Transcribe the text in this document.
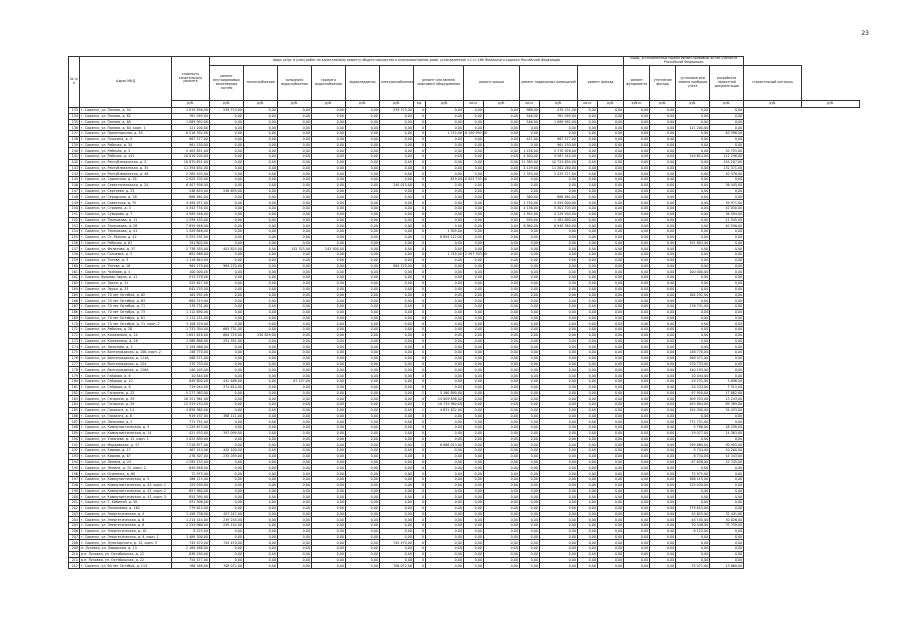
23
№ п/п	Адрес МКД	стоимость капитального ремонта	виды услуг и (или) работ по капитальному ремонту общего имущества в многоквартирном доме, установленные ч.1 ст.166 Жилищного кодекса Российской Федерации														Виды, установленные нормативным правовым актом субъекта Российской Федерации					
			ремонт внутридомовых инженерных систем	теплоснабжения	холодного водоснабжения	горячего водоснабжения	водоотведения	электроснабжения	ремонт или замена лифтового оборудования		ремонт крыши		ремонт подвальных помещений		ремонт фасада		ремонт фундамента	утепление фасада	установка или замена приборов учета	разработка проектной документации	строительный контроль	
		руб.	руб.	руб.	руб.	руб.	руб.	руб.	ед.	руб.	кв.м.	руб.	кв.м.	руб.	кв.м.	руб.	куб.м.	руб.	руб.	руб.	руб.	руб.
133	г. Саранск, ул. Попова, д. 54	1 019 836,00	239 723,00	0,00	0,00	0,00	0,00	239 723,00	0	0,00	0,00	0,00	968,00	470 131,00	0,00	0,00	0,00	0,00	0,00	0,00		
134	г. Саранск, ул. Попова, д. 62	761 595,00	0,00	0,00	0,00	0,00	0,00	0,00	0	0,00	0,00	0,00	546,00	761 595,00	0,00	0,00	0,00	0,00	0,00	0,00		
135	г. Саранск, ул. Попова, д. 60	1 089 992,00	0,00	0,00	0,00	0,00	0,00	0,00	0	0,00	0,00	0,00	546,00	1 089 992,00	0,00	0,00	0,00	0,00	0,00	0,00		
136	г. Саранск, ул. Попова, д. 64, корп. 1	121 200,00	0,00	0,00	0,00	0,00	0,00	0,00	0	0,00	0,00	0,00	0,00	0,00	0,00	0,00	0,00	0,00	121 200,00	0,00		
137	г. Саранск, ул. Пролетарская, д. 83	6 516 392,00	0,00	0,00	0,00	0,00	0,00	0,00	0	1 745,00	6 150 993,00	0,00	0,00	0,00	0,00	0,00	0,00	0,00	0,00	63 396,00		
138	г. Саранск, ул. Пушкина, д. 4	967 577,00	0,00	0,00	0,00	0,00	0,00	0,00	0	0,00	0,00	0,00	421,00	967 577,00	0,00	0,00	0,00	0,00	0,00	0,00		
139	г. Саранск, ул. Рабочая, д. 34	961 150,00	0,00	0,00	0,00	0,00	0,00	0,00	0	0,00	0,00	0,00	0,00	961 150,00	0,00	0,00	0,00	0,00	0,00	0,00		
140	г. Саранск, ул. Рабочая, д. 3	5 403 651,00	0,00	0,00	0,00	0,00	0,00	0,00	0	0,00	0,00	0,00	1 228,00	5 370 926,00	0,00	0,00	0,00	0,00	0,00	32 725,00		
141	г. Саранск, ул. Рабочая, д. 141	10 016 205,00	0,00	0,00	0,00	0,00	0,00	0,00	0	0,00	0,00	0,00	4 500,00	9 587 345,00	0,00	0,00	0,00	0,00	319 614,00	111 296,00		
142	г. Саранск, ул. Республиканская, д. 3	10 870 851,00	0,00	0,00	0,00	0,00	0,00	0,00	0	0,00	0,00	0,00	11 385,00	10 725 634,00	0,00	0,00	0,00	0,00	0,00	145 207,00		
143	г. Саранск, ул. Республиканская, д. 35	11 394 631,00	0,00	0,00	0,00	0,00	0,00	0,00	0	0,00	0,00	0,00	4 129,00	11 262 260,00	0,00	0,00	0,00	0,00	0,00	132 371,00		
144	г. Саранск, ул. Республиканская, д. 48	2 265 103,00	0,00	0,00	0,00	0,00	0,00	0,00	0	0,00	0,00	0,00	2 355,00	2 225 727,00	0,00	0,00	0,00	0,00	0,00	40 376,00		
145	г. Саранск, ул. Саранская, д. 1Б	2 025 703,00	0,00	0,00	0,00	0,00	0,00	0,00	0	819,00	2 025 703,00	0,00	0,00	0,00	0,00	0,00	0,00	0,00	0,00	0,00		
146	г. Саранск, ул. Севастопольская, д. 24	6 407 936,00	0,00	0,00	0,00	0,00	0,00	240 015,00	0	0,00	0,00	0,00	0,00	0,00	0,00	0,00	0,00	0,00	0,00	36 445,00		
147	г. Саранск, ул. Сергеева, д. 23	246 659,00	246 659,00	0,00	0,00	0,00	0,00	0,00	0	0,00	0,00	0,00	0,00	0,00	0,00	0,00	0,00	0,00	0,00	0,00		
148	г. Саранск, ул. Серадская, д. 28	806 462,00	0,00	0,00	0,00	0,00	0,00	0,00	0	0,00	0,00	0,00	360,00	806 462,00	0,00	0,00	0,00	0,00	0,00	0,00		
149	г. Саранск, ул. Советская, д. 75	4 494 971,00	0,00	0,00	0,00	0,00	0,00	0,00	0	0,00	0,00	0,00	1 750,00	4 455 000,00	0,00	0,00	0,00	0,00	0,00	39 971,00		
150	г. Саранск, ул. Строина, д. 3	5 343 735,00	0,00	0,00	0,00	0,00	0,00	0,00	0	0,00	0,00	0,00	4 156,00	5 301 705,00	0,00	0,00	0,00	0,00	0,00	42 030,00		
151	г. Саранск, ул. Суворова, д. 7	4 999 446,00	0,00	0,00	0,00	0,00	0,00	0,00	0	0,00	0,00	0,00	2 954,00	4 129 504,00	0,00	0,00	0,00	0,00	0,00	36 594,00		
152	г. Саранск, ул. Терешкова, д. 11	1 299 435,00	0,00	0,00	0,00	0,00	0,00	0,00	0	0,00	0,00	0,00	930,00	1 181 890,00	0,00	0,00	0,00	0,00	0,00	11 545,00		
153	г. Саранск, ул. Терешкова, д. 28	7 659 946,00	0,00	0,00	0,00	0,00	0,00	0,00	0	0,00	0,00	0,00	6 960,00	6 949 384,00	0,00	0,00	0,00	0,00	0,00	40 556,00		
154	г. Саранск, ул. Терешкова, д. 41	1 429 846,00	0,00	0,00	0,00	0,00	0,00	0,00	0	1 305,00	0,00	0,00	0,00	0,00	0,00	0,00	0,00	0,00	0,00	0,00		
155	г. Саранск, ул. Ст. Разина, д. 42	5 323 191,00	0,00	0,00	0,00	0,00	0,00	0,00	1	6 894 122,00	0,00	0,00	0,00	0,00	0,00	0,00	0,00	0,00	0,00	0,00		
156	г. Саранск, ул. Рабочая, д. 61	191 803,00	0,00	0,00	0,00	0,00	0,00	0,00	0	0,00	0,00	0,00	0,00	0,00	0,00	0,00	0,00	0,00	191 803,00	0,00		
157	г. Саранск, ул. Филатова, д. 37	2 738 185,00	401 825,00	0,00	152 325,00	243 500,00	0,00	0,00	0	0,00	0,00	0,00	0,00	0,00	0,00	0,00	0,00	0,00	0,00	0,00		
158	г. Саранск, ул. Грачевка, д. 3	881 968,00	0,00	0,00	0,00	0,00	0,00	0,00	0	1 745,00	2 497 303,00	0,00	0,00	0,00	0,00	0,00	0,00	0,00	0,00	0,00		
159	г. Саранск, ул. Титова, д. 3	1 118 644,00	0,00	0,00	0,00	0,00	0,00	0,00	0	0,00	0,00	0,00	0,00	0,00	0,00	0,00	0,00	0,00	0,00	0,00		
160	г. Саранск, ул. Титова, д. 16	964 270,00	964 270,00	0,00	0,00	0,00	0,00	964 270,00	0	0,00	0,00	0,00	0,00	0,00	0,00	0,00	0,00	0,00	0,00	0,00		
161	г. Саранск, ул. Чкалова, д. 4	100 000,00	0,00	0,00	0,00	0,00	0,00	0,00	0	0,00	0,00	0,00	0,00	0,00	0,00	0,00	0,00	0,00	100 000,00	0,00		
162	г. Саранск, бульвар Эрьзи, д. 11	913 278,00	0,00	0,00	0,00	0,00	0,00	0,00	0	0,00	0,00	0,00	0,00	0,00	0,00	0,00	0,00	0,00	0,00	0,00		
163	г. Саранск, ул. Эрьзи, д. 31	425 627,00	0,00	0,00	0,00	0,00	0,00	0,00	0	0,00	0,00	0,00	0,00	0,00	0,00	0,00	0,00	0,00	0,00	0,00		
164	г. Саранск, ул. Эрьзи, д. 33	842 233,00	0,00	0,00	0,00	0,00	0,00	0,00	0	0,00	0,00	0,00	0,00	0,00	0,00	0,00	0,00	0,00	0,00	0,00		
165	г. Саранск, ул. 70 лет Октября, д. 62	164 292,00	0,00	0,00	0,00	0,00	0,00	0,00	0	0,00	0,00	0,00	0,00	0,00	0,00	0,00	0,00	0,00	164 292,00	0,00		
166	г. Саранск, ул. 70 лет Октября, д. 63	884 319,00	0,00	0,00	0,00	0,00	0,00	0,00	0	0,00	0,00	0,00	0,00	0,00	0,00	0,00	0,00	0,00	0,00	0,00		
167	г. Саранск, ул. 70 лет Октября, д. 71	176 731,00	0,00	0,00	0,00	0,00	0,00	0,00	0	0,00	0,00	0,00	0,00	0,00	0,00	0,00	0,00	0,00	176 731,00	0,00		
168	г. Саранск, ул. 70 лет Октября, д. 73	1 112 690,00	0,00	0,00	0,00	0,00	0,00	0,00	0	0,00	0,00	0,00	0,00	0,00	0,00	0,00	0,00	0,00	0,00	0,00		
169	г. Саранск, ул. 70 лет Октября, д. 81	1 112 151,00	0,00	0,00	0,00	0,00	0,00	0,00	0	0,00	0,00	0,00	0,00	0,00	0,00	0,00	0,00	0,00	0,00	0,00		
170	г. Саранск, ул. 70 лет Октября, д. 71, корп. 2	1 108 229,00	0,00	0,00	0,00	0,00	0,00	0,00	0	0,00	0,00	0,00	0,00	0,00	0,00	0,00	0,00	0,00	0,00	0,00		
171	г. Саранск, ул. Рабочая, д. 28	1 732 350,00	665 731,00	0,00	0,00	0,00	0,00	0,00	0	0,00	0,00	0,00	0,00	0,00	0,00	0,00	0,00	0,00	0,00	0,00		
172	г. Саранск, ул. Кожевника, д. 24	1 691 818,00	684 729,00	230 829,00	0,00	0,00	0,00	0,00	0	0,00	0,00	0,00	0,00	0,00	0,00	0,00	0,00	0,00	0,00	0,00		
173	г. Саранск, ул. Кожевника, д. 28	1 588 888,00	291 931,00	0,00	0,00	0,00	0,00	0,00	0	0,00	0,00	0,00	0,00	0,00	0,00	0,00	0,00	0,00	0,00	0,00		
174	г. Саранск, ул. Лихачева, д. 1	1 194 088,00	0,00	0,00	0,00	0,00	0,00	0,00	0	0,00	0,00	0,00	0,00	0,00	0,00	0,00	0,00	0,00	0,00	0,00		
175	г. Саранск, ул. Волгоградская, д. 106, корп. 2	148 770,00	0,00	0,00	0,00	0,00	0,00	0,00	0	0,00	0,00	0,00	0,00	0,00	0,00	0,00	0,00	0,00	148 770,00	0,00		
176	г. Саранск, ул. Волгоградская, д. 114А	268 571,00	0,00	0,00	0,00	0,00	0,00	0,00	0	0,00	0,00	0,00	0,00	0,00	0,00	0,00	0,00	0,00	268 571,00	0,00		
177	г. Саранск, ул. Волгоградская, д. 124	170 733,00	0,00	0,00	0,00	0,00	0,00	0,00	0	0,00	0,00	0,00	0,00	0,00	0,00	0,00	0,00	0,00	170 733,00	0,00		
178	г. Саранск, ул. Волгоградская, д. 126А	140 195,00	0,00	0,00	0,00	0,00	0,00	0,00	0	0,00	0,00	0,00	0,00	0,00	0,00	0,00	0,00	0,00	140 195,00	0,00		
179	г. Саранск, ул. Гайдара, д. 6	10 444,00	0,00	0,00	0,00	0,00	0,00	0,00	0	0,00	0,00	0,00	0,00	0,00	0,00	0,00	0,00	0,00	10 444,00	0,00		
180	г. Саранск, ул. Гайдара, д. 12	849 800,00	442 468,00	0,00	67 237,00	0,00	0,00	0,00	0	0,00	0,00	0,00	0,00	0,00	0,00	0,00	0,00	0,00	29 231,00	3 896,00		
181	г. Саранск, ул. Гайдара, д. 8	719 044,00	374 614,00	0,00	0,00	0,00	0,00	0,00	0	0,00	0,00	0,00	0,00	0,00	0,00	0,00	0,00	0,00	20 233,00	7 315,00		
182	г. Саранск, ул. Гагарина, д. 22	5 277 363,00	0,00	0,00	0,00	0,00	0,00	0,00	2	5 160 890,00	0,00	0,00	0,00	0,00	0,00	0,00	0,00	0,00	97 950,00	17 882,00		
183	г. Саранск, ул. Гагарина, д. 29	16 321 961,00	0,00	0,00	0,00	0,00	0,00	0,00	0	15 009 836,00	0,00	0,00	0,00	0,00	0,00	0,00	0,00	0,00	309 353,00	13 243,00		
184	г. Саранск, ул. Гагарина, д. 29	12 319 153,00	0,00	0,00	0,00	0,00	0,00	0,00	2	10 735 960,00	0,00	0,00	0,00	0,00	0,00	0,00	0,00	0,00	493 804,00	89 389,00		
185	г. Саранск, ул. Горького, д. 14	4 859 365,00	0,00	0,00	0,00	0,00	0,00	0,00	1	4 631 632,00	0,00	0,00	0,00	0,00	0,00	0,00	0,00	0,00	194 300,00	34 433,00		
186	г. Саранск, ул. Горького, д. 6	919 437,00	388 111,00	0,00	0,00	0,00	0,00	0,00	0	0,00	0,00	0,00	0,00	0,00	0,00	0,00	0,00	0,00	0,00	0,00		
187	г. Саранск, ул. Лихачева, д. 1	771 751,00	0,00	0,00	0,00	0,00	0,00	0,00	0	0,00	0,00	0,00	0,00	0,00	0,00	0,00	0,00	0,00	771 751,00	0,00		
188	г. Саранск, ул. Коммунистическая, д. 3	1 229 673,00	0,00	0,00	0,00	0,00	0,00	0,00	0	0,00	0,00	0,00	0,00	0,00	0,00	0,00	0,00	0,00	5 786,00	28 338,00		
189	г. Саранск, ул. Коммунистическая, д. 14	421 933,00	397 099,00	0,00	0,00	0,00	0,00	0,00	0	0,00	0,00	0,00	0,00	0,00	0,00	0,00	0,00	0,00	19 077,00	14 363,00		
190	г. Саранск, ул. Ульянова, д. 15, корп. 1	1 025 890,00	0,00	0,00	0,00	0,00	0,00	0,00	0	0,00	0,00	0,00	0,00	0,00	0,00	0,00	0,00	0,00	0,00	0,00		
191	г. Саранск, ул. Мордовская, д. 17	7 518 877,00	0,00	0,00	0,00	0,00	0,00	0,00	1	6 886 013,00	0,00	0,00	0,00	0,00	0,00	0,00	0,00	0,00	299 660,00	30 905,00		
192	г. Саранск, ул. Кирова, д. 17	467 415,00	445 100,00	0,00	0,00	0,00	0,00	0,00	0	0,00	0,00	0,00	0,00	0,00	0,00	0,00	0,00	0,00	9 734,00	10 200,00		
193	г. Саранск, ул. Кирова, д. 67	278 307,00	235 059,00	0,00	0,00	0,00	0,00	0,00	0	0,00	0,00	0,00	0,00	0,00	0,00	0,00	0,00	0,00	8 734,00	14 343,00		
194	г. Саранск, ул. Ленина, д. 24	1 295 233,00	0,00	0,00	0,00	0,00	0,00	0,00	0	0,00	0,00	0,00	0,00	0,00	0,00	0,00	0,00	0,00	87 636,00	22 745,00		
195	г. Саранск, ул. Ленина, д. 31, корп. 2	849 848,00	0,00	0,00	0,00	0,00	0,00	0,00	0	0,00	0,00	0,00	0,00	0,00	0,00	0,00	0,00	0,00	0,00	0,00		
196	г. Саранск, ул. Осипенко, д. 80	72 975,00	0,00	0,00	0,00	0,00	0,00	0,00	0	0,00	0,00	0,00	0,00	0,00	0,00	0,00	0,00	0,00	72 975,00	0,00		
197	г. Саранск, ул. Коммунистическая, д. 3	186 115,00	0,00	0,00	0,00	0,00	0,00	0,00	0	0,00	0,00	0,00	0,00	0,00	0,00	0,00	0,00	0,00	186 115,00	0,00		
198	г. Саранск, ул. Коммунистическая, д. 43, корп. 1	125 030,00	0,00	0,00	0,00	0,00	0,00	0,00	0	0,00	0,00	0,00	0,00	0,00	0,00	0,00	0,00	0,00	125 030,00	0,00		
199	г. Саранск, ул. Коммунистическая, д. 43, корп. 2	657 960,00	0,00	0,00	0,00	0,00	0,00	0,00	0	0,00	0,00	0,00	0,00	0,00	0,00	0,00	0,00	0,00	0,00	0,00		
200	г. Саранск, ул. Коммунистическая, д. 43, корп. 3	855 390,00	0,00	0,00	0,00	0,00	0,00	0,00	0	0,00	0,00	0,00	0,00	0,00	0,00	0,00	0,00	0,00	0,00	0,00		
201	г. Саранск, ул. Т. Бибиной, д. 5А	931 306,00	0,00	0,00	0,00	0,00	0,00	0,00	0	0,00	0,00	0,00	0,00	0,00	0,00	0,00	0,00	0,00	0,00	0,00		
202	г. Саранск, ул. Полежаева, д. 162	779 615,00	0,00	0,00	0,00	0,00	0,00	0,00	0	0,00	0,00	0,00	0,00	0,00	0,00	0,00	0,00	0,00	779 615,00	0,00		
203	г. Саранск, ул. Энергетическая, д. 4	1 458 738,00	457 247,00	0,00	0,00	0,00	0,00	0,00	0	0,00	0,00	0,00	0,00	0,00	0,00	0,00	0,00	0,00	45 625,00	32 441,00		
204	г. Саранск, ул. Энергетическая, д. 6	1 214 144,00	239 234,00	0,00	0,00	0,00	0,00	0,00	0	0,00	0,00	0,00	0,00	0,00	0,00	0,00	0,00	0,00	43 150,00	30 026,00		
205	г. Саранск, ул. Энергетическая, д. 8	2 253 966,00	259 154,00	0,00	0,00	0,00	0,00	0,00	0	0,00	0,00	0,00	0,00	0,00	0,00	0,00	0,00	0,00	70 346,00	37 739,00		
206	г. Саранск, ул. Энергетическая, д. 10	8 125,00	0,00	0,00	0,00	0,00	0,00	0,00	0	0,00	0,00	0,00	0,00	0,00	0,00	0,00	0,00	0,00	8 125,00	0,00		
207	г. Саранск, ул. Энергетическая, д. 9, корп. 1	1 489 300,00	0,00	0,00	0,00	0,00	0,00	0,00	0	0,00	0,00	0,00	0,00	0,00	0,00	0,00	0,00	0,00	0,00	0,00		
208	г. Саранск, ул. Луначарского, д. 12, корп. 3	745 470,00	745 470,00	0,00	0,00	0,00	0,00	745 470,00	0	0,00	0,00	0,00	0,00	0,00	0,00	0,00	0,00	0,00	0,00	0,00		
209	п. Луховка, ул. Заводская, д. 13	2 169 488,00	0,00	0,00	0,00	0,00	0,00	0,00	0	0,00	0,00	0,00	0,00	0,00	0,00	0,00	0,00	0,00	0,00	0,00		
210	р.п. Луховка, ул. Октябрьская, д. 12	838 290,00	0,00	0,00	0,00	0,00	0,00	0,00	0	0,00	0,00	0,00	0,00	0,00	0,00	0,00	0,00	0,00	0,00	0,00		
211	р.п. Луховка, ул. Октябрьская, д. 22	754 477,00	0,00	0,00	0,00	0,00	0,00	0,00	0	0,00	0,00	0,00	0,00	0,00	0,00	0,00	0,00	0,00	0,00	0,00		
212	г. Саранск, ул. 60 лет Октября, д. 113	768 168,00	708 072,00	0,00	0,00	0,00	0,00	708 072,00	0	0,00	0,00	0,00	0,00	0,00	0,00	0,00	0,00	0,00	33 071,00	13 660,00		
